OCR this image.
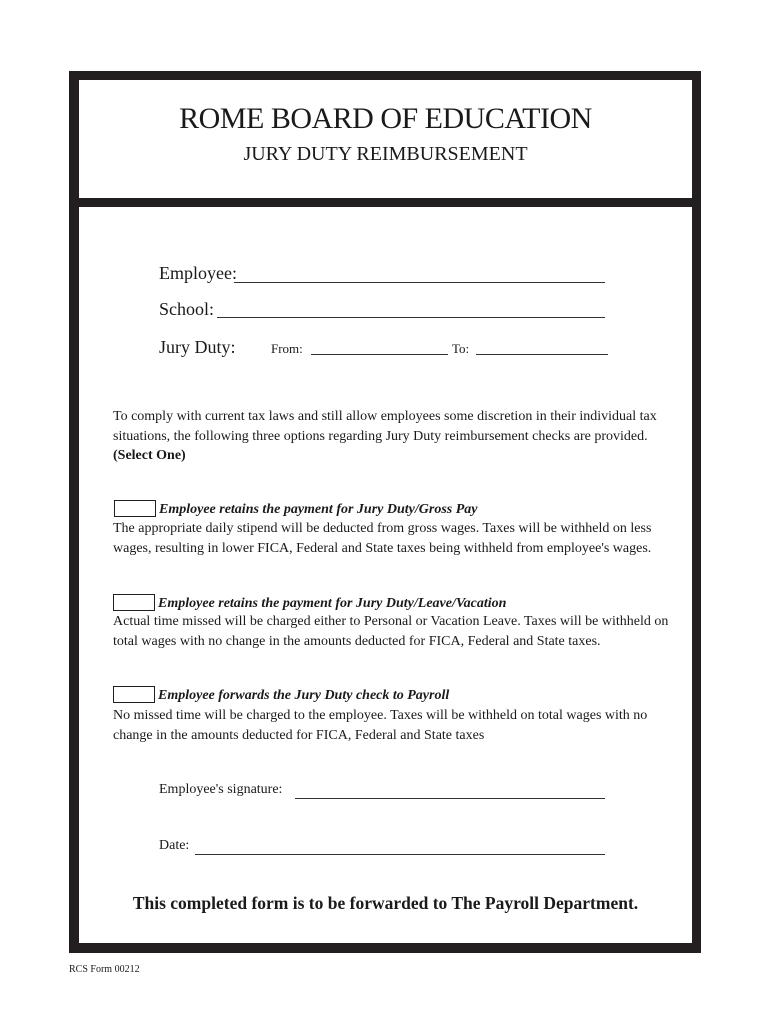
ROME BOARD OF EDUCATION
JURY DUTY REIMBURSEMENT
Employee:
School:
Jury Duty:	From:	To:

To comply with current tax laws and still allow employees some discretion in their individual tax situations, the following three options regarding Jury Duty reimbursement checks are provided. (Select One)

Employee retains the payment for Jury Duty/Gross Pay

The appropriate daily stipend will be deducted from gross wages. Taxes will be withheld on less wages, resulting in lower FICA, Federal and State taxes being withheld from employee's wages.

Employee retains the payment for Jury Duty/Leave/Vacation

Actual time missed will be charged either to Personal or Vacation Leave. Taxes will be withheld on total wages with no change in the amounts deducted for FICA, Federal and State taxes.

Employee forwards the Jury Duty check to Payroll

No missed time will be charged to the employee. Taxes will be withheld on total wages with no change in the amounts deducted for FICA, Federal and State taxes

Employee's signature:
Date:

This completed form is to be forwarded to The Payroll Department.

RCS Form 00212
